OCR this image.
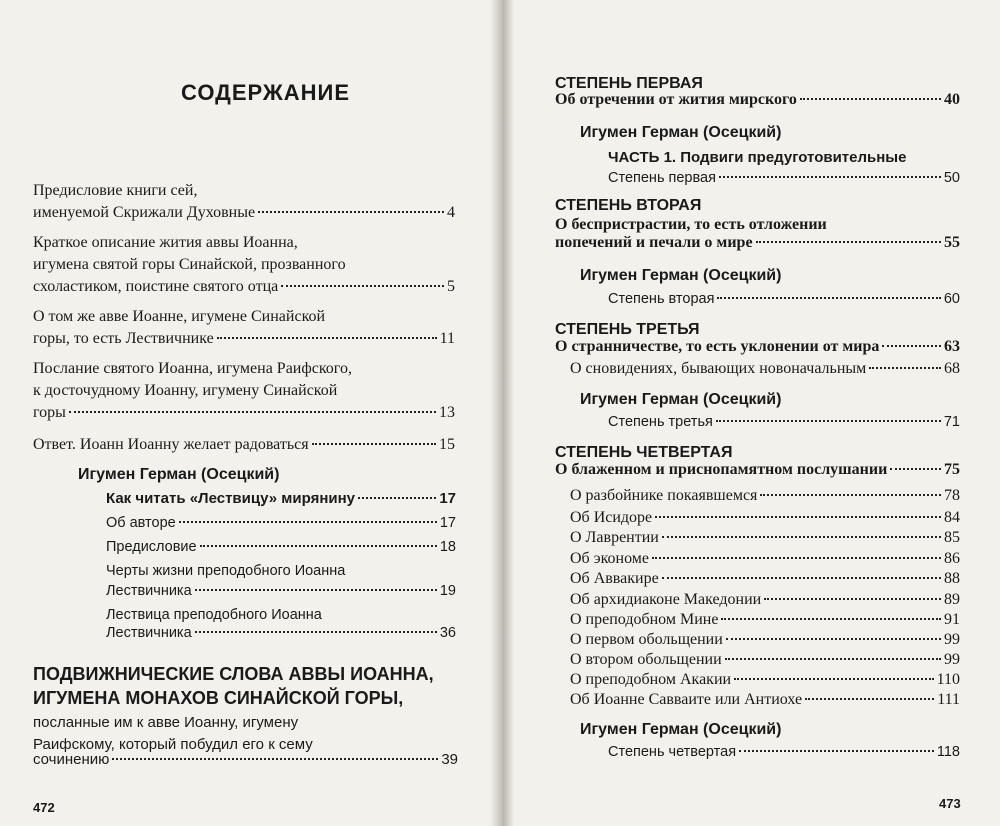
СОДЕРЖАНИЕ
Предисловие книги сей,
именуемой Скрижали Духовные	4
Краткое описание жития аввы Иоанна,
игумена святой горы Синайской, прозванного
схоластиком, поистине святого отца	5
О том же авве Иоанне, игумене Синайской
горы, то есть Лествичнике	11
Послание святого Иоанна, игумена Раифского,
к досточудному Иоанну, игумену Синайской
горы	13
Ответ. Иоанн Иоанну желает радоваться	15
Игумен Герман (Осецкий)
Как читать «Лествицу» мирянину	17
Об авторе	17
Предисловие	18
Черты жизни преподобного Иоанна
Лествичника	19
Лествица преподобного Иоанна
Лествичника	36
ПОДВИЖНИЧЕСКИЕ СЛОВА АВВЫ ИОАННА,
ИГУМЕНА МОНАХОВ СИНАЙСКОЙ ГОРЫ,
посланные им к авве Иоанну, игумену
Раифскому, который побудил его к сему

сочинению	39
472
СТЕПЕНЬ ПЕРВАЯ
Об отречении от жития мирского	40
Игумен Герман (Осецкий)
ЧАСТЬ 1. Подвиги предуготовительные
Степень первая	50
СТЕПЕНЬ ВТОРАЯ
О беспристрастии, то есть отложении
попечений и печали о мире	55
Игумен Герман (Осецкий)
Степень вторая	60
СТЕПЕНЬ ТРЕТЬЯ
О странничестве, то есть уклонении от мира	63
О сновидениях, бывающих новоначальным	68
Игумен Герман (Осецкий)
Степень третья	71
СТЕПЕНЬ ЧЕТВЕРТАЯ
О блаженном и приснопамятном послушании	75
О разбойнике покаявшемся	78
Об Исидоре	84
О Лаврентии	85
Об экономе	86
Об Аввакире	88
Об архидиаконе Македонии	89
О преподобном Мине	91
О первом обольщении	99
О втором обольщении	99
О преподобном Акакии	110
Об Иоанне Савваите или Антиохе	111
Игумен Герман (Осецкий)
Степень четвертая	118
473
